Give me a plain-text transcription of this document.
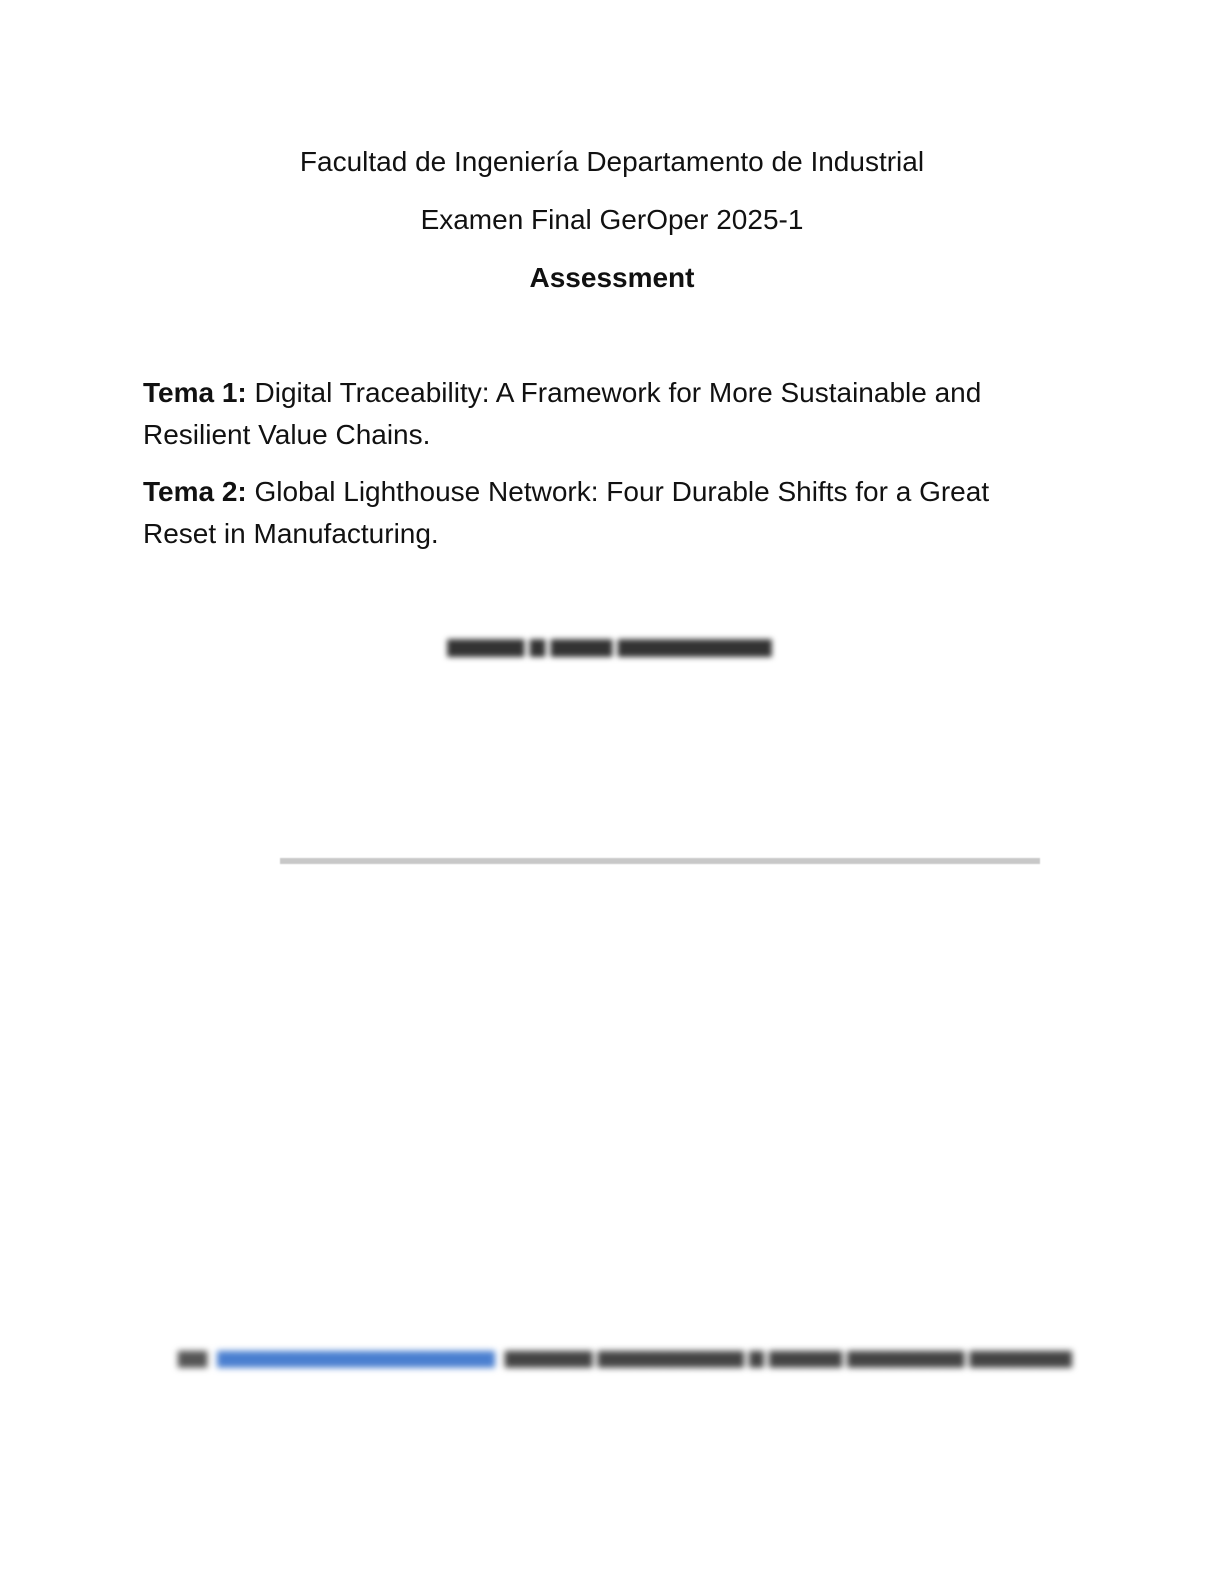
Facultad de Ingeniería Departamento de Industrial
Examen Final GerOper 2025-1
Assessment
Tema 1: Digital Traceability: A Framework for More Sustainable and Resilient Value Chains.
Tema 2: Global Lighthouse Network: Four Durable Shifts for a Great Reset in Manufacturing.
▆▆▆▆▆ ▆ ▆▆▆▆ ▆▆▆▆▆▆▆▆▆▆
▆▆ ▆▆▆▆▆▆▆▆▆▆▆▆▆▆▆▆▆▆▆ ▆▆▆▆▆▆ ▆▆▆▆▆▆▆▆▆▆ ▆ ▆▆▆▆▆ ▆▆▆▆▆▆▆▆ ▆▆▆▆▆▆▆
